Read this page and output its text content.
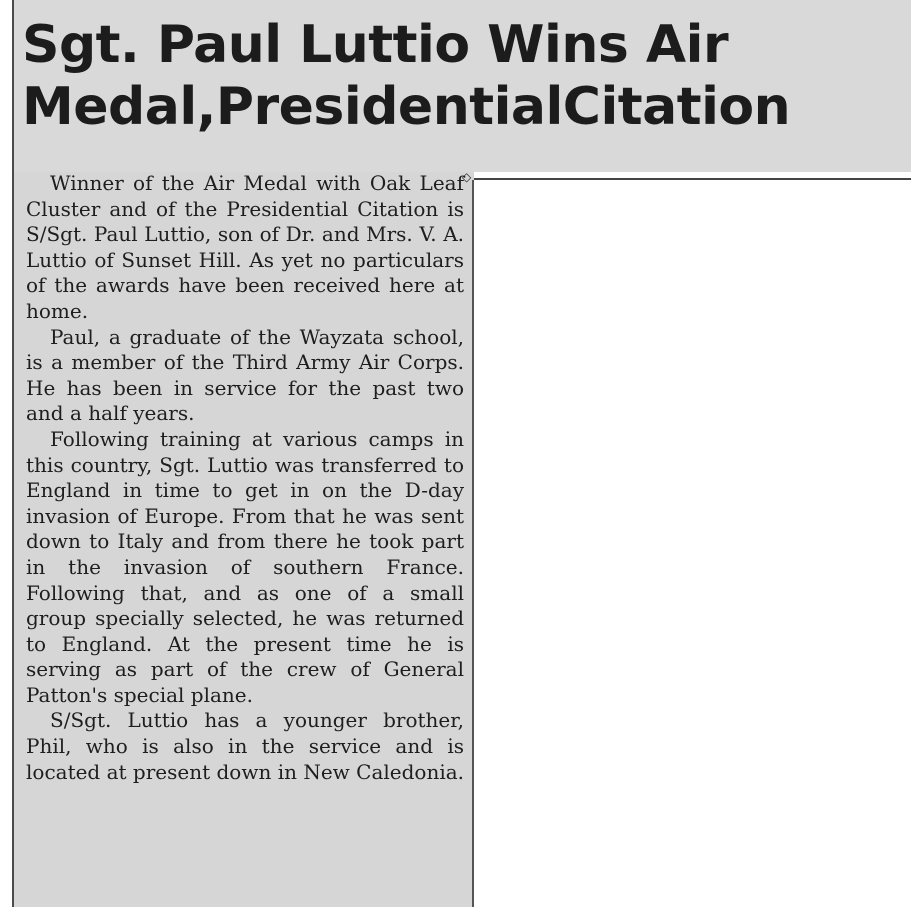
◇
Sgt. Paul Luttio Wins Air
Medal,PresidentialCitation

Winner of the Air Medal with Oak Leaf Cluster and of the Presidential Citation is S/Sgt. Paul Luttio, son of Dr. and Mrs. V. A. Luttio of Sunset Hill. As yet no particulars of the awards have been received here at home.

Paul, a graduate of the Wayzata school, is a member of the Third Army Air Corps. He has been in service for the past two and a half years.

Following training at various camps in this country, Sgt. Luttio was transferred to England in time to get in on the D-day invasion of Europe. From that he was sent down to Italy and from there he took part in the invasion of southern France. Following that, and as one of a small group specially selected, he was returned to England. At the present time he is serving as part of the crew of General Patton's special plane.

S/Sgt. Luttio has a younger brother, Phil, who is also in the service and is located at present down in New Caledonia.
